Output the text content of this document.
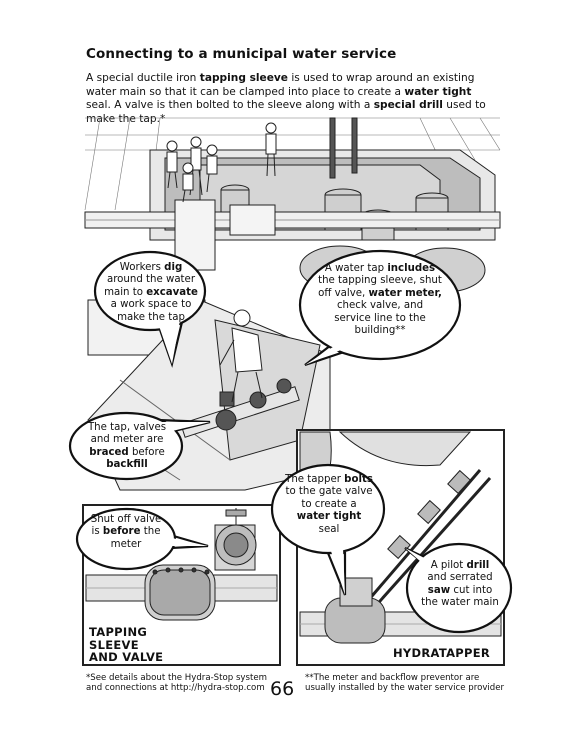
Connecting to a municipal water service
A special ductile iron tapping sleeve is used to wrap around an existing water main so that it can be clamped into place to create a water tight seal. A valve is then bolted to the sleeve along with a special drill used to make the tap.*
Workers dig around the water main to excavate a work space to make the tap
A water tap includes the tapping sleeve, shut off valve, water meter, check valve, and service line to the building**
The tap, valves and meter are braced before backfill
Shut off valve is before the meter
The tapper bolts to the gate valve to create a water tight seal
A pilot drill and serrated saw cut into the water main
TAPPING
SLEEVE
AND VALVE	HYDRATAPPER
*See details about the Hydra-Stop system
and connections at http://hydra-stop.com 66 **The meter and backflow preventor are
usually installed by the water service provider
